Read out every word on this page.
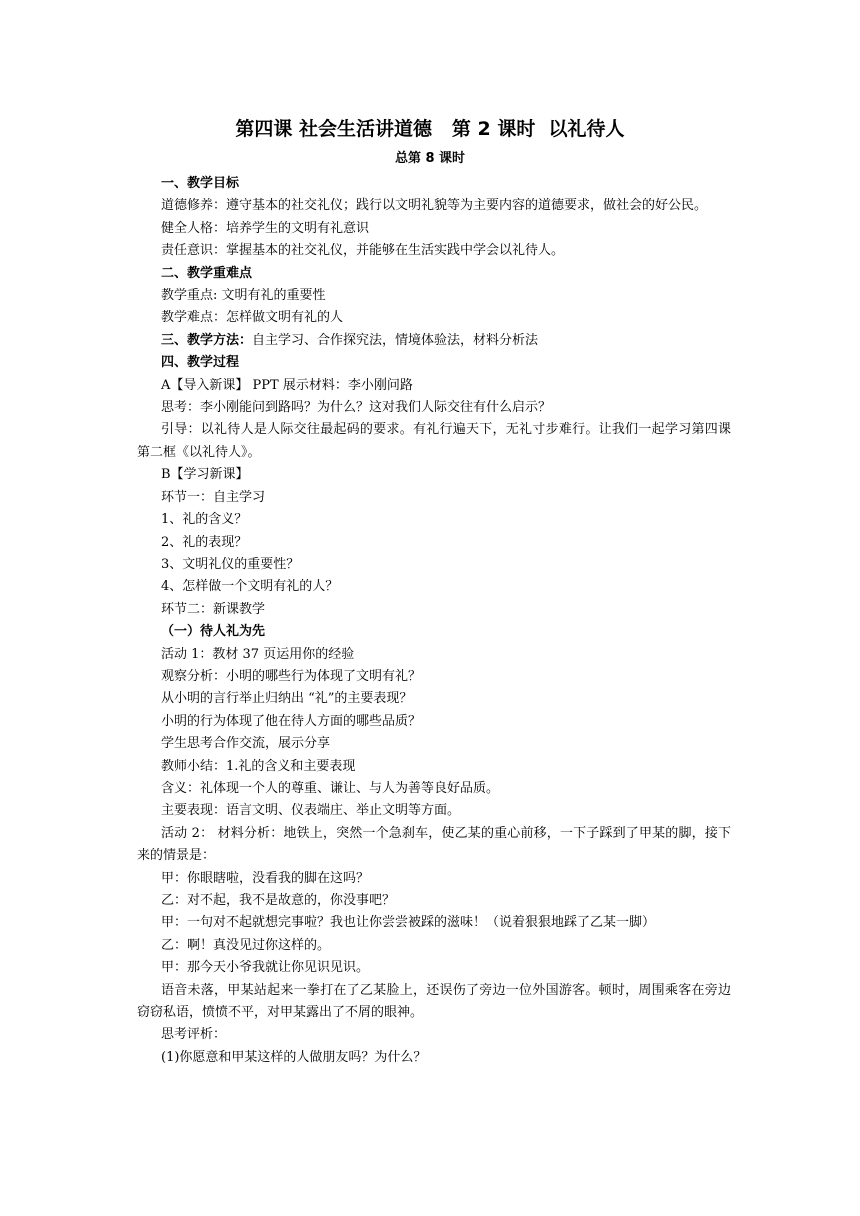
第四课 社会生活讲道德   第 2 课时  以礼待人
总第 8 课时
一、教学目标

道德修养：遵守基本的社交礼仪；践行以文明礼貌等为主要内容的道德要求，做社会的好公民。

健全人格：培养学生的文明有礼意识

责任意识：掌握基本的社交礼仪，并能够在生活实践中学会以礼待人。

二、教学重难点

教学重点: 文明有礼的重要性

教学难点：怎样做文明有礼的人

三、教学方法：自主学习、合作探究法，情境体验法，材料分析法

四、教学过程

A【导入新课】 PPT 展示材料：李小刚问路

思考：李小刚能问到路吗？为什么？这对我们人际交往有什么启示？

引导：以礼待人是人际交往最起码的要求。有礼行遍天下，无礼寸步难行。让我们一起学习第四课第二框《以礼待人》。

B【学习新课】

环节一：自主学习

1、礼的含义？

2、礼的表现？

3、文明礼仪的重要性？

4、怎样做一个文明有礼的人？

环节二：新课教学

（一）待人礼为先

活动 1：教材 37 页运用你的经验

观察分析：小明的哪些行为体现了文明有礼？

从小明的言行举止归纳出 “礼”的主要表现？

小明的行为体现了他在待人方面的哪些品质？

学生思考合作交流，展示分享

教师小结：1.礼的含义和主要表现

含义：礼体现一个人的尊重、谦让、与人为善等良好品质。

主要表现：语言文明、仪表端庄、举止文明等方面。

活动 2： 材料分析：地铁上，突然一个急刹车，使乙某的重心前移，一下子踩到了甲某的脚，接下来的情景是：

甲：你眼瞎啦，没看我的脚在这吗？

乙：对不起，我不是故意的，你没事吧？

甲：一句对不起就想完事啦？我也让你尝尝被踩的滋味！（说着狠狠地踩了乙某一脚）

乙：啊！真没见过你这样的。

甲：那今天小爷我就让你见识见识。

语音未落，甲某站起来一拳打在了乙某脸上，还误伤了旁边一位外国游客。顿时，周围乘客在旁边窃窃私语，愤愤不平，对甲某露出了不屑的眼神。

思考评析：

(1)你愿意和甲某这样的人做朋友吗？为什么？
